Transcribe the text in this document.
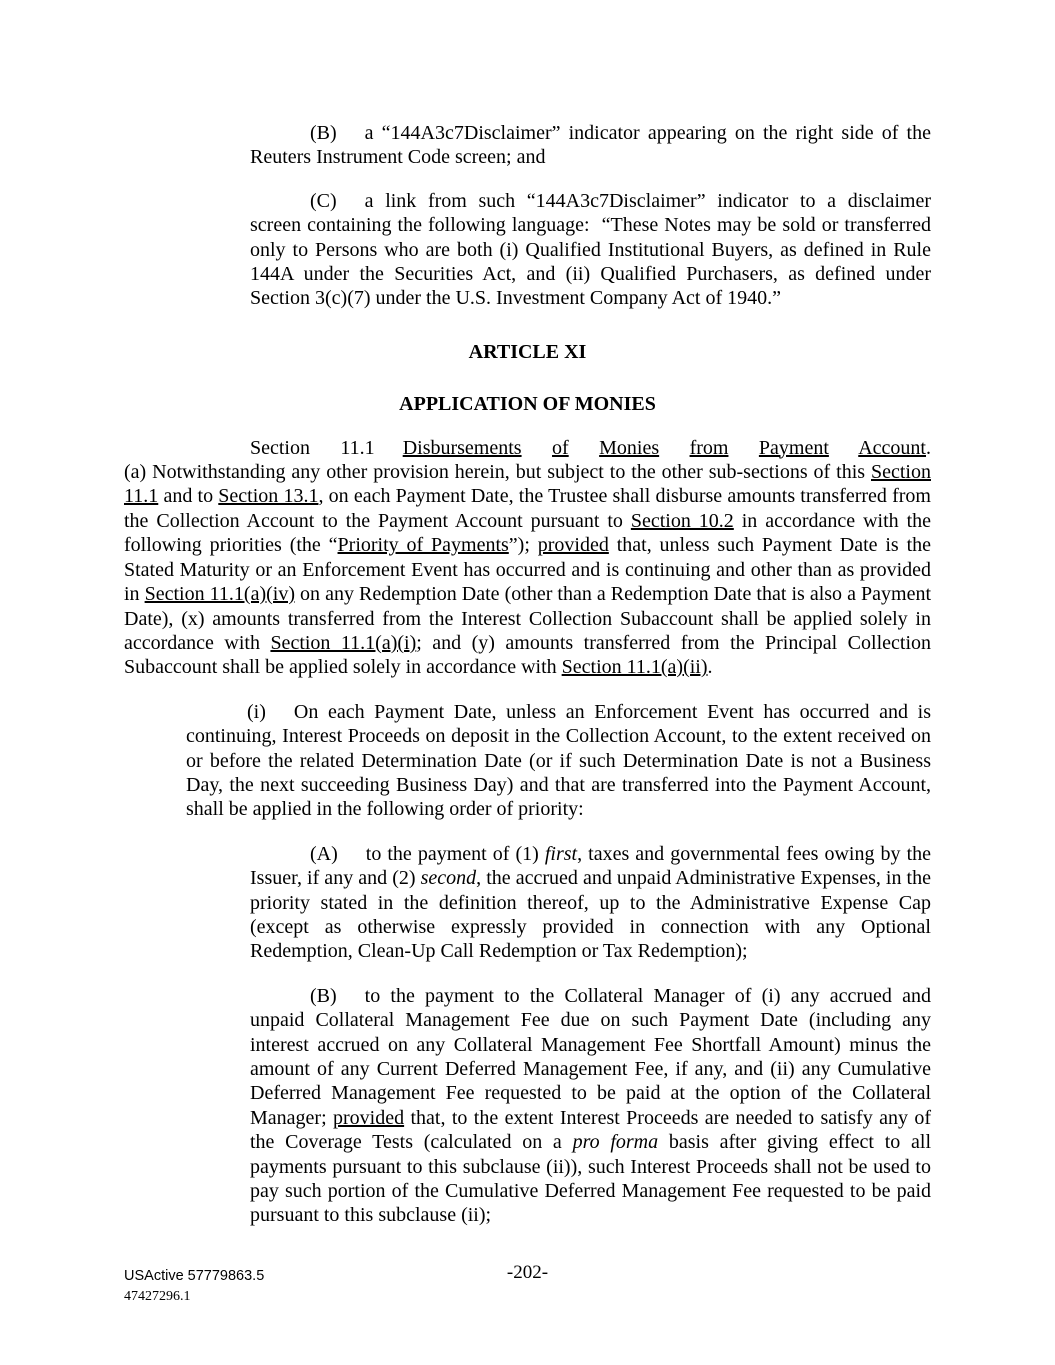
(B) a “144A3c7Disclaimer” indicator appearing on the right side of the Reuters Instrument Code screen; and
(C) a link from such “144A3c7Disclaimer” indicator to a disclaimer screen containing the following language:  “These Notes may be sold or transferred only to Persons who are both (i) Qualified Institutional Buyers, as defined in Rule 144A under the Securities Act, and (ii) Qualified Purchasers, as defined under Section 3(c)(7) under the U.S. Investment Company Act of 1940.”
ARTICLE XI
APPLICATION OF MONIES
Section 11.1 Disbursements of Monies from Payment Account.
(a) Notwithstanding any other provision herein, but subject to the other sub-sections of this Section 11.1 and to Section 13.1, on each Payment Date, the Trustee shall disburse amounts transferred from the Collection Account to the Payment Account pursuant to Section 10.2 in accordance with the following priorities (the “Priority of Payments”); provided that, unless such Payment Date is the Stated Maturity or an Enforcement Event has occurred and is continuing and other than as provided in Section 11.1(a)(iv) on any Redemption Date (other than a Redemption Date that is also a Payment Date), (x) amounts transferred from the Interest Collection Subaccount shall be applied solely in accordance with Section 11.1(a)(i); and (y) amounts transferred from the Principal Collection Subaccount shall be applied solely in accordance with Section 11.1(a)(ii).
(i) On each Payment Date, unless an Enforcement Event has occurred and is continuing, Interest Proceeds on deposit in the Collection Account, to the extent received on or before the related Determination Date (or if such Determination Date is not a Business Day, the next succeeding Business Day) and that are transferred into the Payment Account, shall be applied in the following order of priority:
(A) to the payment of (1) first, taxes and governmental fees owing by the Issuer, if any and (2) second, the accrued and unpaid Administrative Expenses, in the priority stated in the definition thereof, up to the Administrative Expense Cap (except as otherwise expressly provided in connection with any Optional Redemption, Clean-Up Call Redemption or Tax Redemption);
(B) to the payment to the Collateral Manager of (i) any accrued and unpaid Collateral Management Fee due on such Payment Date (including any interest accrued on any Collateral Management Fee Shortfall Amount) minus the amount of any Current Deferred Management Fee, if any, and (ii) any Cumulative Deferred Management Fee requested to be paid at the option of the Collateral Manager; provided that, to the extent Interest Proceeds are needed to satisfy any of the Coverage Tests (calculated on a pro forma basis after giving effect to all payments pursuant to this subclause (ii)), such Interest Proceeds shall not be used to pay such portion of the Cumulative Deferred Management Fee requested to be paid pursuant to this subclause (ii);
USActive 57779863.5
47427296.1
-202-
